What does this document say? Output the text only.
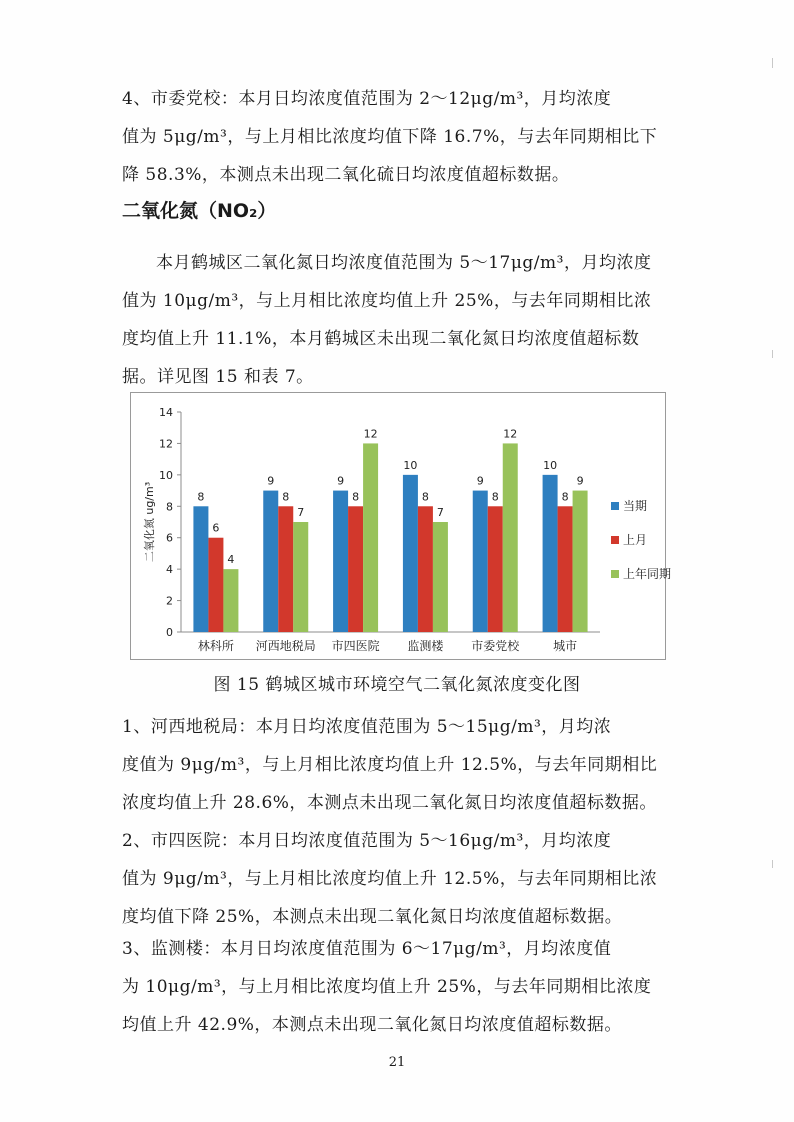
4、市委党校：本月日均浓度值范围为 2～12μg/m³，月均浓度
值为 5μg/m³，与上月相比浓度均值下降 16.7%，与去年同期相比下
降 58.3%，本测点未出现二氧化硫日均浓度值超标数据。

二氧化氮（NO₂）

本月鹤城区二氧化氮日均浓度值范围为 5～17μg/m³，月均浓度
值为 10μg/m³，与上月相比浓度均值上升 25%，与去年同期相比浓
度均值上升 11.1%，本月鹤城区未出现二氧化氮日均浓度值超标数
据。详见图 15 和表 7。

0
2
4
6
8
10
12
14
二氧化氮 ug/m³	8
6
4
林科所
9
8
7
河西地税局
9
8
12
市四医院
10
8
7
监测楼
9
8
12
市委党校
10
8
9
城市
当期
上月
上年同期

图 15 鹤城区城市环境空气二氧化氮浓度变化图

1、河西地税局：本月日均浓度值范围为 5～15μg/m³，月均浓
度值为 9μg/m³，与上月相比浓度均值上升 12.5%，与去年同期相比
浓度均值上升 28.6%，本测点未出现二氧化氮日均浓度值超标数据。

2、市四医院：本月日均浓度值范围为 5～16μg/m³，月均浓度
值为 9μg/m³，与上月相比浓度均值上升 12.5%，与去年同期相比浓
度均值下降 25%，本测点未出现二氧化氮日均浓度值超标数据。

3、监测楼：本月日均浓度值范围为 6～17μg/m³，月均浓度值
为 10μg/m³，与上月相比浓度均值上升 25%，与去年同期相比浓度
均值上升 42.9%，本测点未出现二氧化氮日均浓度值超标数据。

21
